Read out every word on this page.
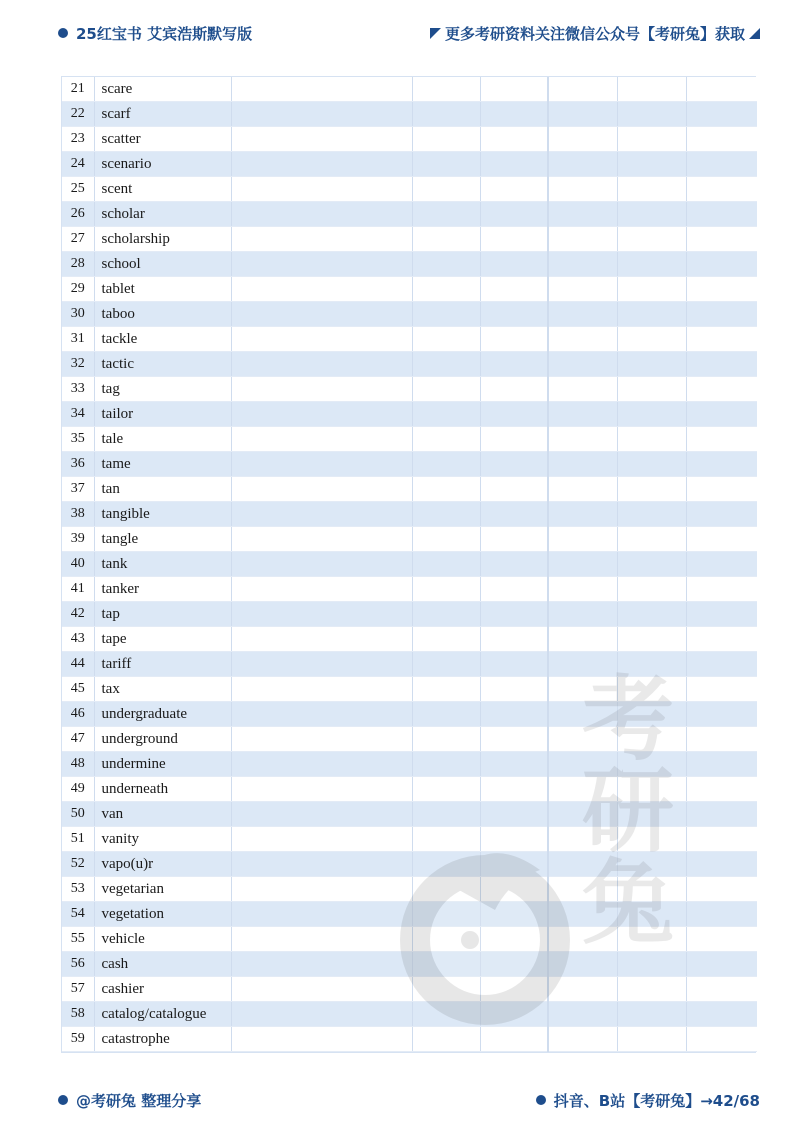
25红宝书 艾宾浩斯默写版	更多考研资料关注微信公众号【考研兔】获取
21	scare						
22	scarf						
23	scatter						
24	scenario						
25	scent						
26	scholar						
27	scholarship						
28	school						
29	tablet						
30	taboo						
31	tackle						
32	tactic						
33	tag						
34	tailor						
35	tale						
36	tame						
37	tan						
38	tangible						
39	tangle						
40	tank						
41	tanker						
42	tap						
43	tape						
44	tariff						
45	tax						
46	undergraduate						
47	underground						
48	undermine						
49	underneath						
50	van						
51	vanity						
52	vapo(u)r						
53	vegetarian						
54	vegetation						
55	vehicle						
56	cash						
57	cashier						
58	catalog/catalogue						
59	catastrophe						
@考研兔 整理分享	抖音、B站【考研兔】→42/68
